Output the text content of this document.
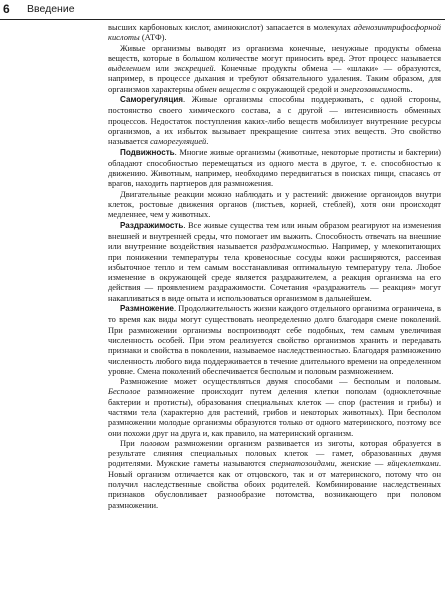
6 Введение

высших карбоновых кислот, аминокислот) запасается в молекулах аденозинтрифосфорной кислоты (АТФ).

Живые организмы выводят из организма конечные, ненужные продукты обмена веществ, которые в большом количестве могут приносить вред. Этот процесс называется выделением или экскрецией. Конечные продукты обмена — «шлаки» — образуются, например, в процессе дыхания и требуют обязательного удаления. Таким образом, для организмов характерны обмен веществ с окружающей средой и энергозависимость.

Саморегуляция. Живые организмы способны поддерживать, с одной стороны, постоянство своего химического состава, а с другой — интенсивность обменных процессов. Недостаток поступления каких-либо веществ мобилизует внутренние ресурсы организмов, а их избыток вызывает прекращение синтеза этих веществ. Это свойство называется саморегуляцией.

Подвижность. Многие живые организмы (животные, некоторые протисты и бактерии) обладают способностью перемещаться из одного места в другое, т. е. способностью к движению. Животным, например, необходимо передвигаться в поисках пищи, спасаясь от врагов, находить партнеров для размножения.

Двигательные реакции можно наблюдать и у растений: движение органоидов внутри клеток, ростовые движения органов (листьев, корней, стеблей), хотя они происходят медленнее, чем у животных.

Раздражимость. Все живые существа тем или иным образом реагируют на изменения внешней и внутренней среды, что помогает им выжить. Способность отвечать на внешние или внутренние воздействия называется раздражимостью. Например, у млекопитающих при понижении температуры тела кровеносные сосуды кожи расширяются, рассеивая избыточное тепло и тем самым восстанавливая оптимальную температуру тела. Любое изменение в окружающей среде является раздражителем, а реакция организма на его действия — проявлением раздражимости. Сочетания «раздражитель — реакция» могут накапливаться в виде опыта и использоваться организмом в дальнейшем.

Размножение. Продолжительность жизни каждого отдельного организма ограничена, в то время как виды могут существовать неопределенно долго благодаря смене поколений. При размножении организмы воспроизводят себе подобных, тем самым увеличивая численность особей. При этом реализуется свойство организмов хранить и передавать признаки и свойства в поколении, называемое наследственностью. Благодаря размножению численность любого вида поддерживается в течение длительного времени на определенном уровне. Смена поколений обеспечивается бесполым и половым размножением.

Размножение может осуществляться двумя способами — бесполым и половым. Бесполое размножение происходит путем деления клетки пополам (одноклеточные бактерии и протисты), образования специальных клеток — спор (растения и грибы) и частями тела (характерно для растений, грибов и некоторых животных). При бесполом размножении молодые организмы образуются только от одного материнского, поэтому все они похожи друг на друга и, как правило, на материнский организм.

При половом размножении организм развивается из зиготы, которая образуется в результате слияния специальных половых клеток — гамет, образованных двумя родителями. Мужские гаметы называются сперматозоидами, женские — яйцеклетками. Новый организм отличается как от отцовского, так и от материнского, потому что он получил наследственные свойства обоих родителей. Комбинирование наследственных признаков обусловливает разнообразие потомства, возникающего при половом размножении.
